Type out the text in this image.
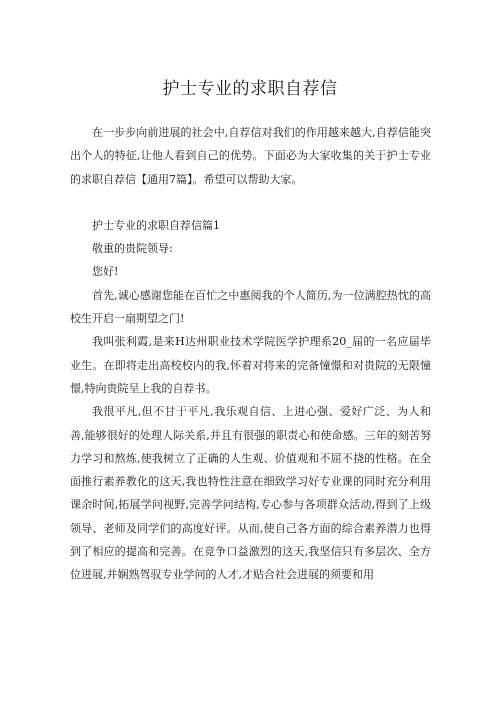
护士专业的求职自荐信

在一步步向前进展的社会中,自荐信对我们的作用越来越大,自荐信能突出个人的特征,让他人看到自己的优势。下面必为大家收集的关于护士专业的求职自荐信【通用7篇】。希望可以帮助大家。

护士专业的求职自荐信篇1

敬重的贵院领导:

您好!

首先,诚心感谢您能在百忙之中惠阅我的个人简历,为一位满腔热忱的高校生开启一扇期望之门!

我叫张利霞,是来H达州职业技术学院医学护理系20_届的一名应届毕业生。在即将走出高校校内的我,怀着对将来的完备憧憬和对贵院的无限憧憬,特向贵院呈上我的自荐书。

我很平凡,但不甘于平凡,我乐观自信、上进心强、爱好广泛、为人和善,能够很好的处理人际关系,并且有很强的职责心和使命感。三年的刻苦努力学习和熬炼,使我树立了正确的人生观、价值观和不屈不挠的性格。在全面推行素养教化的这天,我也特性注意在细致学习好专业课的同时充分利用课余时间,拓展学问视野,完善学问结构,专心参与各项群众活动,得到了上级领导、老师及同学们的高度好评。从而,使自己各方面的综合素养潜力也得到了相应的提高和完善。在竞争口益激烈的这天,我坚信只有多层次、全方位进展,并娴熟驾驭专业学问的人才,才贴合社会进展的须要和用
